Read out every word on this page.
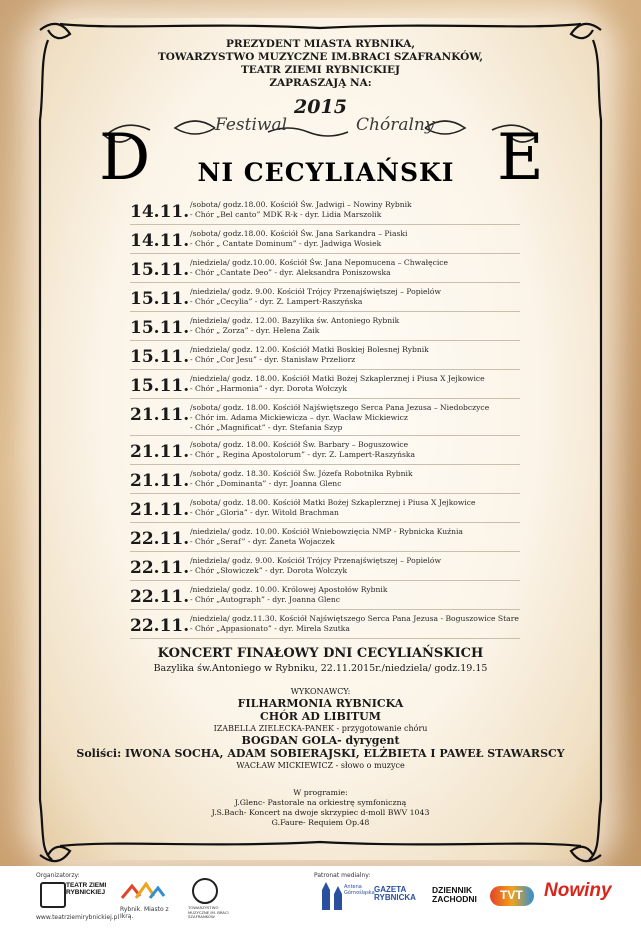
PREZYDENT MIASTA RYBNIKA,
TOWARZYSTWO MUZYCZNE IM.BRACI SZAFRANKÓW,
TEATR ZIEMI RYBNICKIEJ
ZAPRASZAJĄ NA:
2015
Festiwal	Chóralny
D	NI CECYLIAŃSKI E
14.11. /sobota/ godz.18.00. Kościół Św. Jadwigi – Nowiny Rybnik
- Chór „Bel canto” MDK R-k - dyr. Lidia Marszolik
14.11. /sobota/ godz.18.00. Kościół Św. Jana Sarkandra – Piaski
- Chór „ Cantate Dominum” - dyr. Jadwiga Wosiek
15.11. /niedziela/ godz.10.00. Kościół Św. Jana Nepomucena – Chwałęcice
- Chór „Cantate Deo” - dyr. Aleksandra Poniszowska
15.11. /niedziela/ godz. 9.00. Kościół Trójcy Przenajświętszej – Popielów
- Chór „Cecylia” - dyr. Z. Lampert-Raszyńska
15.11. /niedziela/ godz. 12.00. Bazylika św. Antoniego Rybnik
- Chór „ Zorza” - dyr. Helena Zaik
15.11. /niedziela/ godz. 12.00. Kościół Matki Boskiej Bolesnej Rybnik
- Chór „Cor Jesu” - dyr. Stanisław Przeliorz
15.11. /niedziela/ godz. 18.00. Kościół Matki Bożej Szkaplerznej i Piusa X Jejkowice
- Chór „Harmonia” - dyr. Dorota Wołczyk
21.11. /sobota/ godz. 18.00. Kościół Najświętszego Serca Pana Jezusa – Niedobczyce
- Chór im. Adama Mickiewicza – dyr. Wacław Mickiewicz
- Chór „Magnificat” - dyr. Stefania Szyp
21.11. /sobota/ godz. 18.00. Kościół Św. Barbary – Boguszowice
- Chór „ Regina Apostolorum” - dyr. Z. Lampert-Raszyńska
21.11. /sobota/ godz. 18.30. Kościół Św. Józefa Robotnika Rybnik
- Chór „Dominanta” - dyr. Joanna Glenc
21.11. /sobota/ godz. 18.00. Kościół Matki Bożej Szkaplerznej i Piusa X Jejkowice
- Chór „Gloria” - dyr. Witold Brachman
22.11. /niedziela/ godz. 10.00. Kościół Wniebowzięcia NMP - Rybnicka Kuźnia
- Chór „Seraf” - dyr. Żaneta Wojaczek
22.11. /niedziela/ godz. 9.00. Kościół Trójcy Przenajświętszej – Popielów
- Chór „Słowiczek” - dyr. Dorota Wołczyk
22.11. /niedziela/ godz. 10.00. Królowej Apostołów Rybnik
- Chór „Autograph” - dyr. Joanna Glenc
22.11. /niedziela/ godz.11.30. Kościół Najświętszego Serca Pana Jezusa - Boguszowice Stare
- Chór „Appasionato” - dyr. Mirela Szutka
KONCERT FINAŁOWY DNI CECYLIAŃSKICH
Bazylika św.Antoniego w Rybniku, 22.11.2015r./niedziela/ godz.19.15
WYKONAWCY:
FILHARMONIA RYBNICKA
CHÓR AD LIBITUM
IZABELLA ZIELECKA-PANEK - przygotowanie chóru
BOGDAN GOLA- dyrygent
Soliści: IWONA SOCHA, ADAM SOBIERAJSKI, ELŻBIETA I PAWEŁ STAWARSCY
WACŁAW MICKIEWICZ - słowo o muzyce
W programie:
J.Glenc- Pastorale na orkiestrę symfoniczną
J.S.Bach- Koncert na dwoje skrzypiec d-moll BWV 1043
G.Faure- Requiem Op.48
Organizatorzy:	Patronat medialny:
TEATR ZIEMI RYBNICKIEJ
www.teatrziemirybnickiej.pl
Rybnik. Miasto z Ikrą.
TOWARZYSTWO MUZYCZNE IM. BRACI SZAFRANKÓW
Antena Górnośląska GAZETA RYBNICKA
DZIENNIK ZACHODNI	TVT Nowiny
